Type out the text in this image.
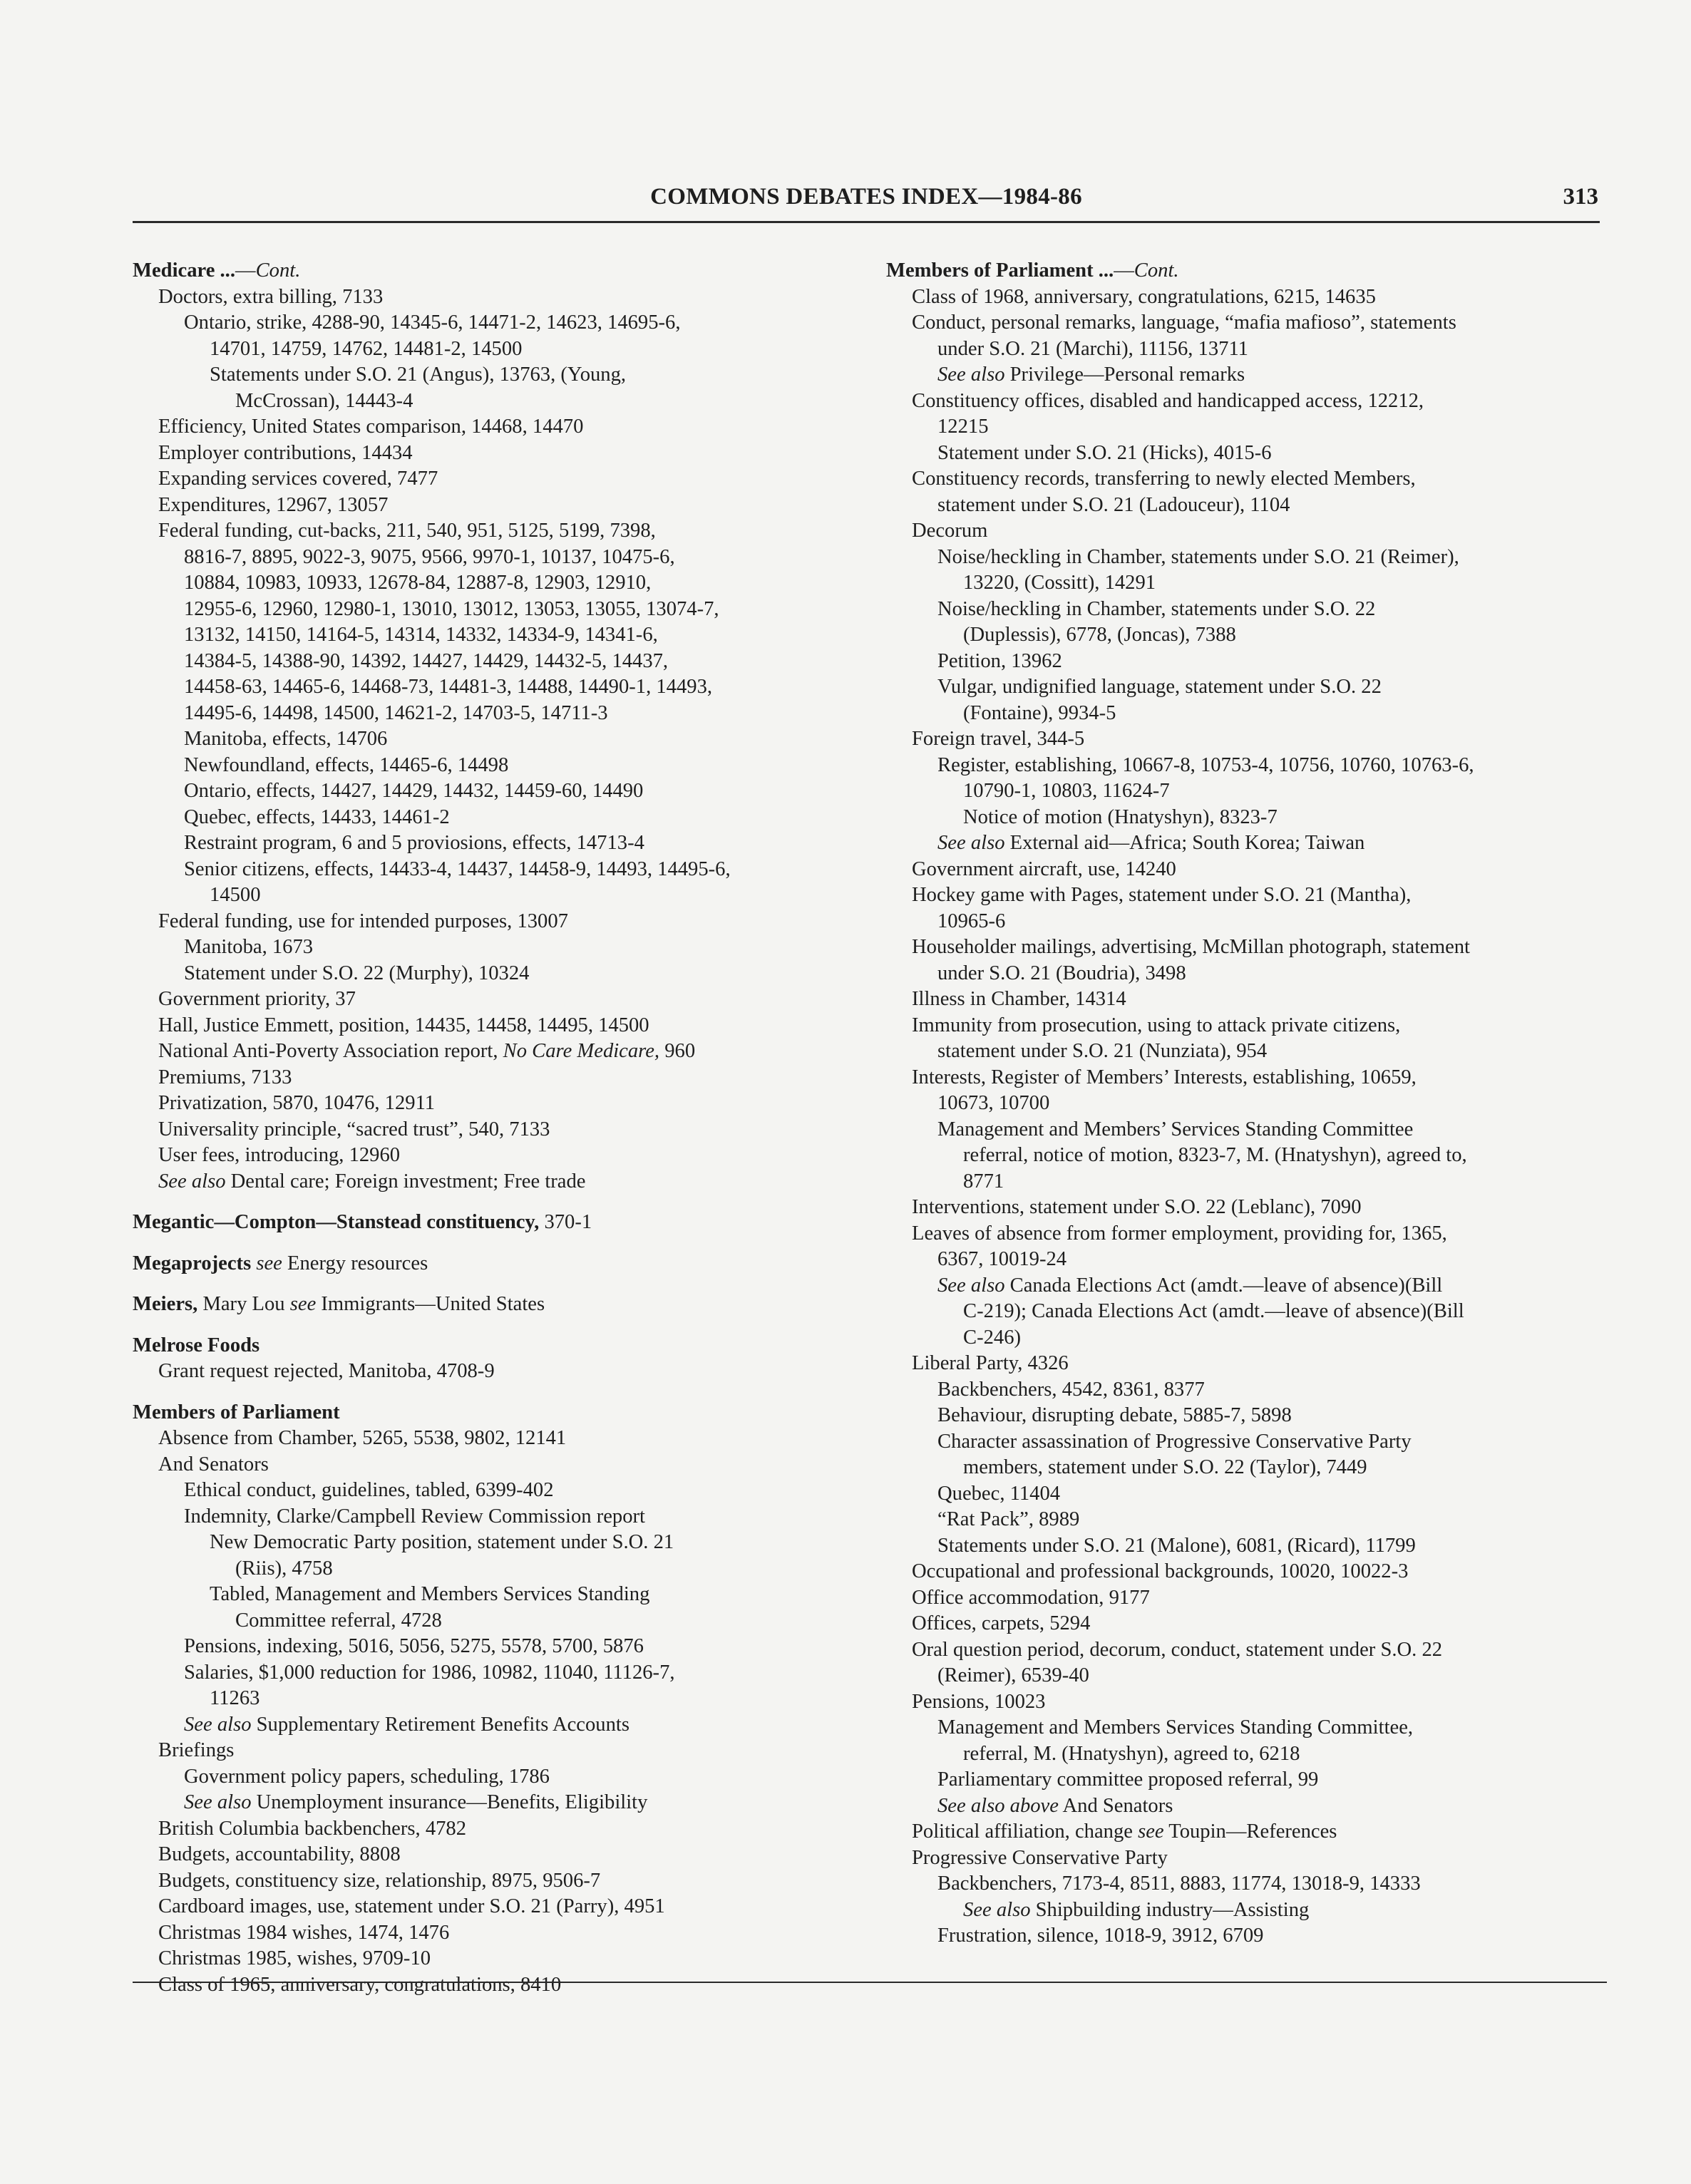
COMMONS DEBATES INDEX—1984-86	313
Medicare ...—Cont.
Doctors, extra billing, 7133
Ontario, strike, 4288-90, 14345-6, 14471-2, 14623, 14695-6,
14701, 14759, 14762, 14481-2, 14500
Statements under S.O. 21 (Angus), 13763, (Young,
McCrossan), 14443-4
Efficiency, United States comparison, 14468, 14470
Employer contributions, 14434
Expanding services covered, 7477
Expenditures, 12967, 13057
Federal funding, cut-backs, 211, 540, 951, 5125, 5199, 7398,
8816-7, 8895, 9022-3, 9075, 9566, 9970-1, 10137, 10475-6,
10884, 10983, 10933, 12678-84, 12887-8, 12903, 12910,
12955-6, 12960, 12980-1, 13010, 13012, 13053, 13055, 13074-7,
13132, 14150, 14164-5, 14314, 14332, 14334-9, 14341-6,
14384-5, 14388-90, 14392, 14427, 14429, 14432-5, 14437,
14458-63, 14465-6, 14468-73, 14481-3, 14488, 14490-1, 14493,
14495-6, 14498, 14500, 14621-2, 14703-5, 14711-3
Manitoba, effects, 14706
Newfoundland, effects, 14465-6, 14498
Ontario, effects, 14427, 14429, 14432, 14459-60, 14490
Quebec, effects, 14433, 14461-2
Restraint program, 6 and 5 proviosions, effects, 14713-4
Senior citizens, effects, 14433-4, 14437, 14458-9, 14493, 14495-6,
14500
Federal funding, use for intended purposes, 13007
Manitoba, 1673
Statement under S.O. 22 (Murphy), 10324
Government priority, 37
Hall, Justice Emmett, position, 14435, 14458, 14495, 14500
National Anti-Poverty Association report, No Care Medicare, 960
Premiums, 7133
Privatization, 5870, 10476, 12911
Universality principle, “sacred trust”, 540, 7133
User fees, introducing, 12960
See also Dental care; Foreign investment; Free trade
Megantic—Compton—Stanstead constituency, 370-1
Megaprojects see Energy resources
Meiers, Mary Lou see Immigrants—United States
Melrose Foods
Grant request rejected, Manitoba, 4708-9
Members of Parliament
Absence from Chamber, 5265, 5538, 9802, 12141
And Senators
Ethical conduct, guidelines, tabled, 6399-402
Indemnity, Clarke/Campbell Review Commission report
New Democratic Party position, statement under S.O. 21
(Riis), 4758
Tabled, Management and Members Services Standing
Committee referral, 4728
Pensions, indexing, 5016, 5056, 5275, 5578, 5700, 5876
Salaries, $1,000 reduction for 1986, 10982, 11040, 11126-7,
11263
See also Supplementary Retirement Benefits Accounts
Briefings
Government policy papers, scheduling, 1786
See also Unemployment insurance—Benefits, Eligibility
British Columbia backbenchers, 4782
Budgets, accountability, 8808
Budgets, constituency size, relationship, 8975, 9506-7
Cardboard images, use, statement under S.O. 21 (Parry), 4951
Christmas 1984 wishes, 1474, 1476
Christmas 1985, wishes, 9709-10
Class of 1965, anniversary, congratulations, 8410
Members of Parliament ...—Cont.
Class of 1968, anniversary, congratulations, 6215, 14635
Conduct, personal remarks, language, “mafia mafioso”, statements
under S.O. 21 (Marchi), 11156, 13711
See also Privilege—Personal remarks
Constituency offices, disabled and handicapped access, 12212,
12215
Statement under S.O. 21 (Hicks), 4015-6
Constituency records, transferring to newly elected Members,
statement under S.O. 21 (Ladouceur), 1104
Decorum
Noise/heckling in Chamber, statements under S.O. 21 (Reimer),
13220, (Cossitt), 14291
Noise/heckling in Chamber, statements under S.O. 22
(Duplessis), 6778, (Joncas), 7388
Petition, 13962
Vulgar, undignified language, statement under S.O. 22
(Fontaine), 9934-5
Foreign travel, 344-5
Register, establishing, 10667-8, 10753-4, 10756, 10760, 10763-6,
10790-1, 10803, 11624-7
Notice of motion (Hnatyshyn), 8323-7
See also External aid—Africa; South Korea; Taiwan
Government aircraft, use, 14240
Hockey game with Pages, statement under S.O. 21 (Mantha),
10965-6
Householder mailings, advertising, McMillan photograph, statement
under S.O. 21 (Boudria), 3498
Illness in Chamber, 14314
Immunity from prosecution, using to attack private citizens,
statement under S.O. 21 (Nunziata), 954
Interests, Register of Members’ Interests, establishing, 10659,
10673, 10700
Management and Members’ Services Standing Committee
referral, notice of motion, 8323-7, M. (Hnatyshyn), agreed to,
8771
Interventions, statement under S.O. 22 (Leblanc), 7090
Leaves of absence from former employment, providing for, 1365,
6367, 10019-24
See also Canada Elections Act (amdt.—leave of absence)(Bill
C-219); Canada Elections Act (amdt.—leave of absence)(Bill
C-246)
Liberal Party, 4326
Backbenchers, 4542, 8361, 8377
Behaviour, disrupting debate, 5885-7, 5898
Character assassination of Progressive Conservative Party
members, statement under S.O. 22 (Taylor), 7449
Quebec, 11404
“Rat Pack”, 8989
Statements under S.O. 21 (Malone), 6081, (Ricard), 11799
Occupational and professional backgrounds, 10020, 10022-3
Office accommodation, 9177
Offices, carpets, 5294
Oral question period, decorum, conduct, statement under S.O. 22
(Reimer), 6539-40
Pensions, 10023
Management and Members Services Standing Committee,
referral, M. (Hnatyshyn), agreed to, 6218
Parliamentary committee proposed referral, 99
See also above And Senators
Political affiliation, change see Toupin—References
Progressive Conservative Party
Backbenchers, 7173-4, 8511, 8883, 11774, 13018-9, 14333
See also Shipbuilding industry—Assisting
Frustration, silence, 1018-9, 3912, 6709
